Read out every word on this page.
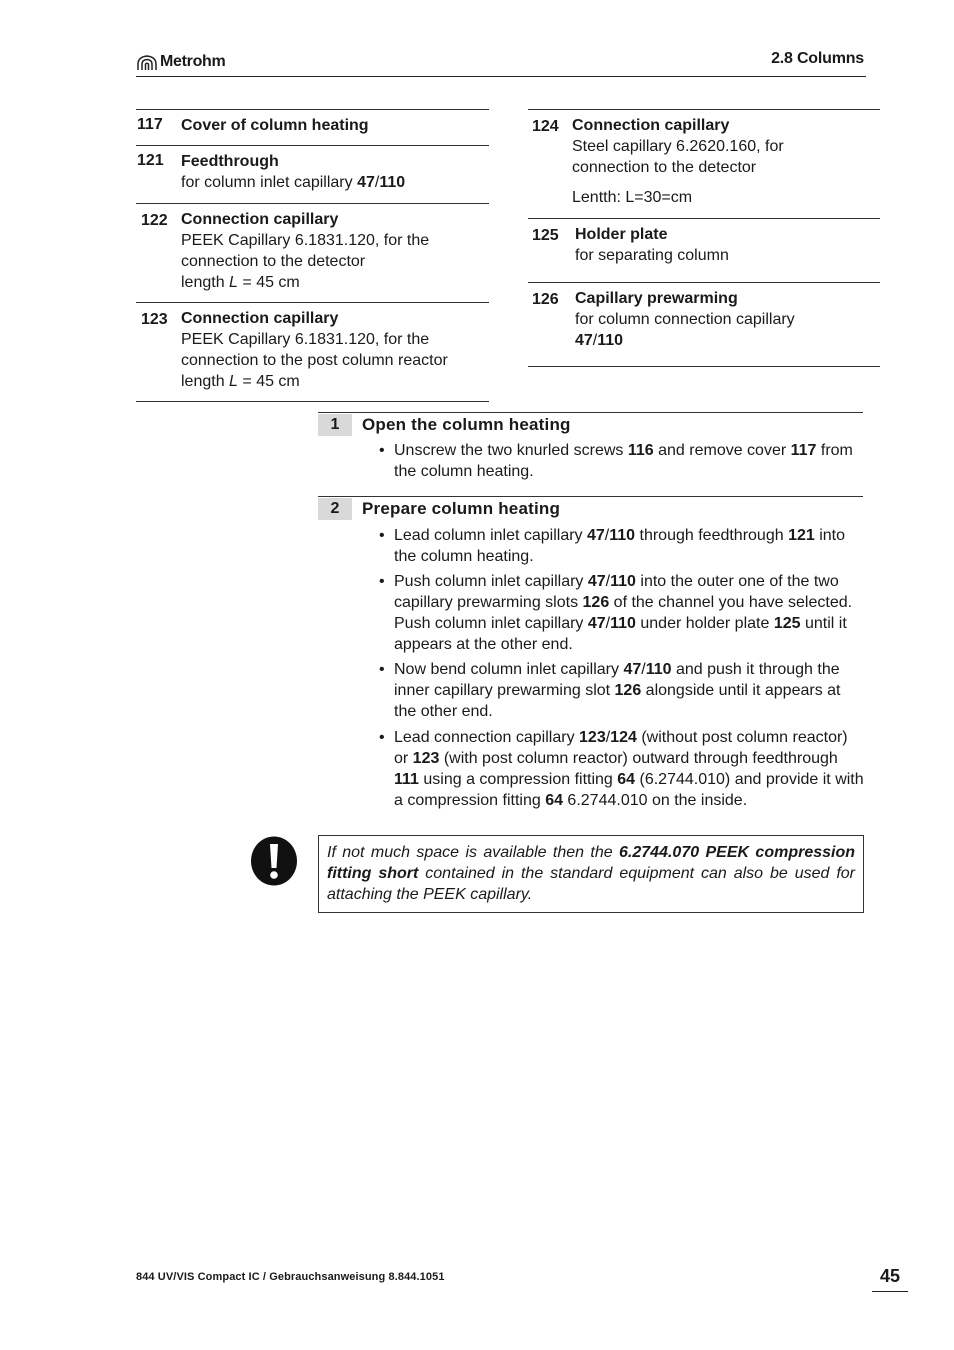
Metrohm	2.8 Columns
117 Cover of column heating
121 Feedthrough
for column inlet capillary 47/110
122 Connection capillary
PEEK Capillary 6.1831.120, for the
connection to the detector
length L = 45 cm
123 Connection capillary
PEEK Capillary 6.1831.120, for the
connection to the post column reactor
length L = 45 cm
124 Connection capillary
Steel capillary 6.2620.160, for
connection to the detector
Lentth: L=30=cm
125 Holder plate
for separating column
126 Capillary prewarming
for column connection capillary
47/110
1	Open the column heating
• Unscrew the two knurled screws 116 and remove cover 117 from the column heating.
2	Prepare column heating
• Lead column inlet capillary 47/110 through feedthrough 121 into the column heating.
• Push column inlet capillary 47/110 into the outer one of the two capillary prewarming slots 126 of the channel you have selected. Push column inlet capillary 47/110 under holder plate 125 until it appears at the other end.
• Now bend column inlet capillary 47/110 and push it through the inner capillary prewarming slot 126 alongside until it appears at the other end.
• Lead connection capillary 123/124 (without post column reactor) or 123 (with post column reactor) outward through feedthrough 111 using a compression fitting 64 (6.2744.010) and provide it with a compression fitting 64 6.2744.010 on the inside.
If not much space is available then the 6.2744.070 PEEK compression fitting short contained in the standard equipment can also be used for attaching the PEEK capillary.
844 UV/VIS Compact IC / Gebrauchsanweisung 8.844.1051	45
